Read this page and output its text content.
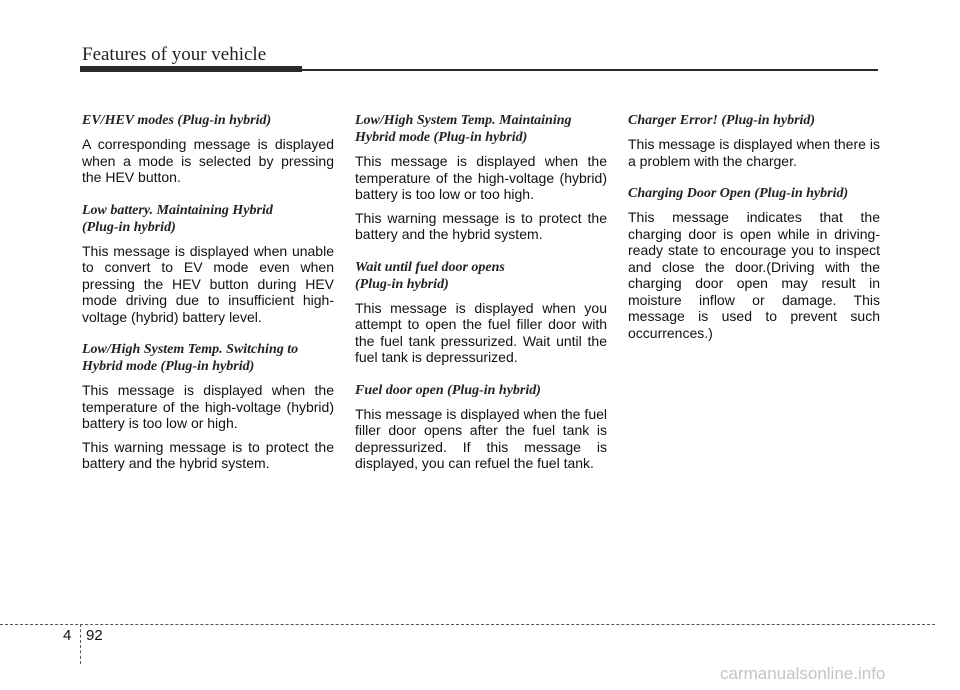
Features of your vehicle
EV/HEV modes (Plug-in hybrid)

A corresponding message is displayed when a mode is selected by pressing the HEV button.

Low battery. Maintaining Hybrid
(Plug-in hybrid)

This message is displayed when unable to convert to EV mode even when pressing the HEV button during HEV mode driving due to insufficient high-voltage (hybrid) battery level.

Low/High System Temp. Switching to
Hybrid mode (Plug-in hybrid)

This message is displayed when the temperature of the high-voltage (hybrid) battery is too low or high.

This warning message is to protect the battery and the hybrid system.

Low/High System Temp. Maintaining
Hybrid mode (Plug-in hybrid)

This message is displayed when the temperature of the high-voltage (hybrid) battery is too low or too high.

This warning message is to protect the battery and the hybrid system.

Wait until fuel door opens
(Plug-in hybrid)

This message is displayed when you attempt to open the fuel filler door with the fuel tank pressurized. Wait until the fuel tank is depressurized.

Fuel door open (Plug-in hybrid)

This message is displayed when the fuel filler door opens after the fuel tank is depressurized. If this message is displayed, you can refuel the fuel tank.

Charger Error! (Plug-in hybrid)

This message is displayed when there is a problem with the charger.

Charging Door Open (Plug-in hybrid)

This message indicates that the charging door is open while in driving-ready state to encourage you to inspect and close the door.(Driving with the charging door open may result in moisture inflow or damage. This message is used to prevent such occurrences.)

4 92
carmanualsonline.info
